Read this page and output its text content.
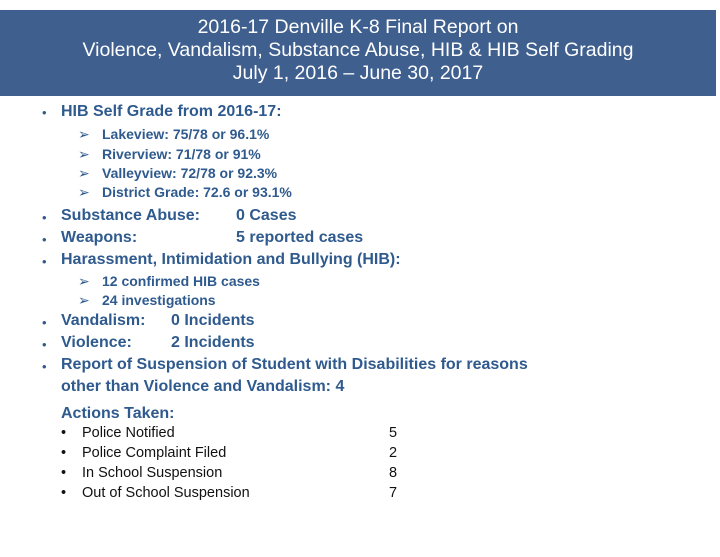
2016-17 Denville K-8 Final Report on
Violence, Vandalism, Substance Abuse, HIB & HIB Self Grading
July 1, 2016 – June 30, 2017
• HIB Self Grade from 2016-17:
➢ Lakeview: 75/78 or 96.1%
➢ Riverview: 71/78 or 91%
➢ Valleyview: 72/78 or 92.3%
➢ District Grade: 72.6 or 93.1%
• Substance Abuse: 0 Cases
• Weapons:	5 reported cases
• Harassment, Intimidation and Bullying (HIB):
➢ 12 confirmed HIB cases
➢ 24 investigations
• Vandalism: 0 Incidents
• Violence: 2 Incidents
• Report of Suspension of Student with Disabilities for reasons
other than Violence and Vandalism: 4
Actions Taken:
• Police Notified	5
• Police Complaint Filed	2
• In School Suspension	8
• Out of School Suspension	7
